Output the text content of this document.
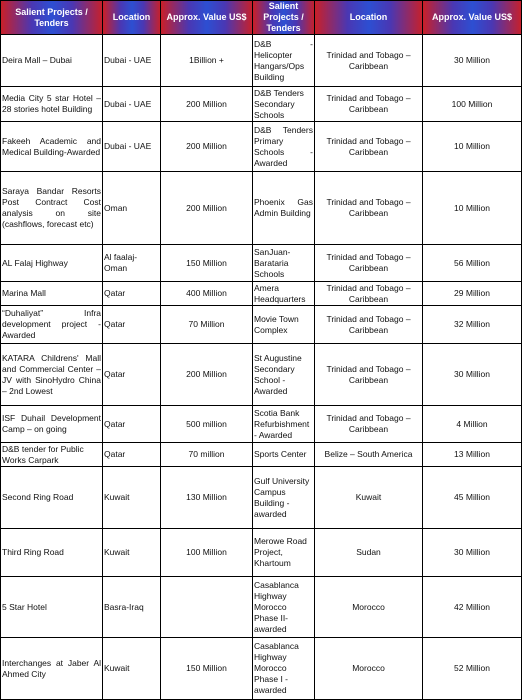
Salient Projects / Tenders	Location	Approx. Value US$	Salient Projects / Tenders	Location	Approx. Value US$
Deira Mall – Dubai	Dubai - UAE	1Billion +	D&B - Helicopter Hangars/Ops Building	Trinidad and Tobago – Caribbean	30 Million
Media City 5 star Hotel – 28 stories hotel Building	Dubai - UAE	200 Million	D&B Tenders Secondary Schools	Trinidad and Tobago – Caribbean	100 Million
Fakeeh Academic and Medical Building-Awarded	Dubai - UAE	200 Million	D&B Tenders Primary Schools - Awarded	Trinidad and Tobago – Caribbean	10 Million
Saraya Bandar Resorts Post Contract Cost analysis on site (cashflows, forecast etc)	Oman	200 Million	Phoenix Gas Admin Building	Trinidad and Tobago – Caribbean	10 Million
AL Falaj Highway	Al faalaj-Oman	150 Million	SanJuan-Barataria Schools	Trinidad and Tobago – Caribbean	56 Million
Marina Mall	Qatar	400 Million	Amera Headquarters	Trinidad and Tobago – Caribbean	29 Million
“Duhaliyat” Infra development project - Awarded	Qatar	70 Million	Movie Town Complex	Trinidad and Tobago – Caribbean	32 Million
KATARA Childrens' Mall and Commercial Center – JV with SinoHydro China – 2nd Lowest	Qatar	200 Million	St Augustine Secondary School - Awarded	Trinidad and Tobago – Caribbean	30 Million
ISF Duhail Development Camp – on going	Qatar	500 million	Scotia Bank Refurbishment - Awarded	Trinidad and Tobago – Caribbean	4 Million
D&B tender for Public Works Carpark	Qatar	70 million	Sports Center	Belize – South America	13 Million
Second Ring Road	Kuwait	130 Million	Gulf University Campus Building - awarded	Kuwait	45 Million
Third Ring Road	Kuwait	100 Million	Merowe Road Project, Khartoum	Sudan	30 Million
5 Star Hotel	Basra-Iraq		Casablanca Highway Morocco Phase II-awarded	Morocco	42 Million
Interchanges at Jaber Al Ahmed City	Kuwait	150 Million	Casablanca Highway Morocco Phase I - awarded	Morocco	52 Million
